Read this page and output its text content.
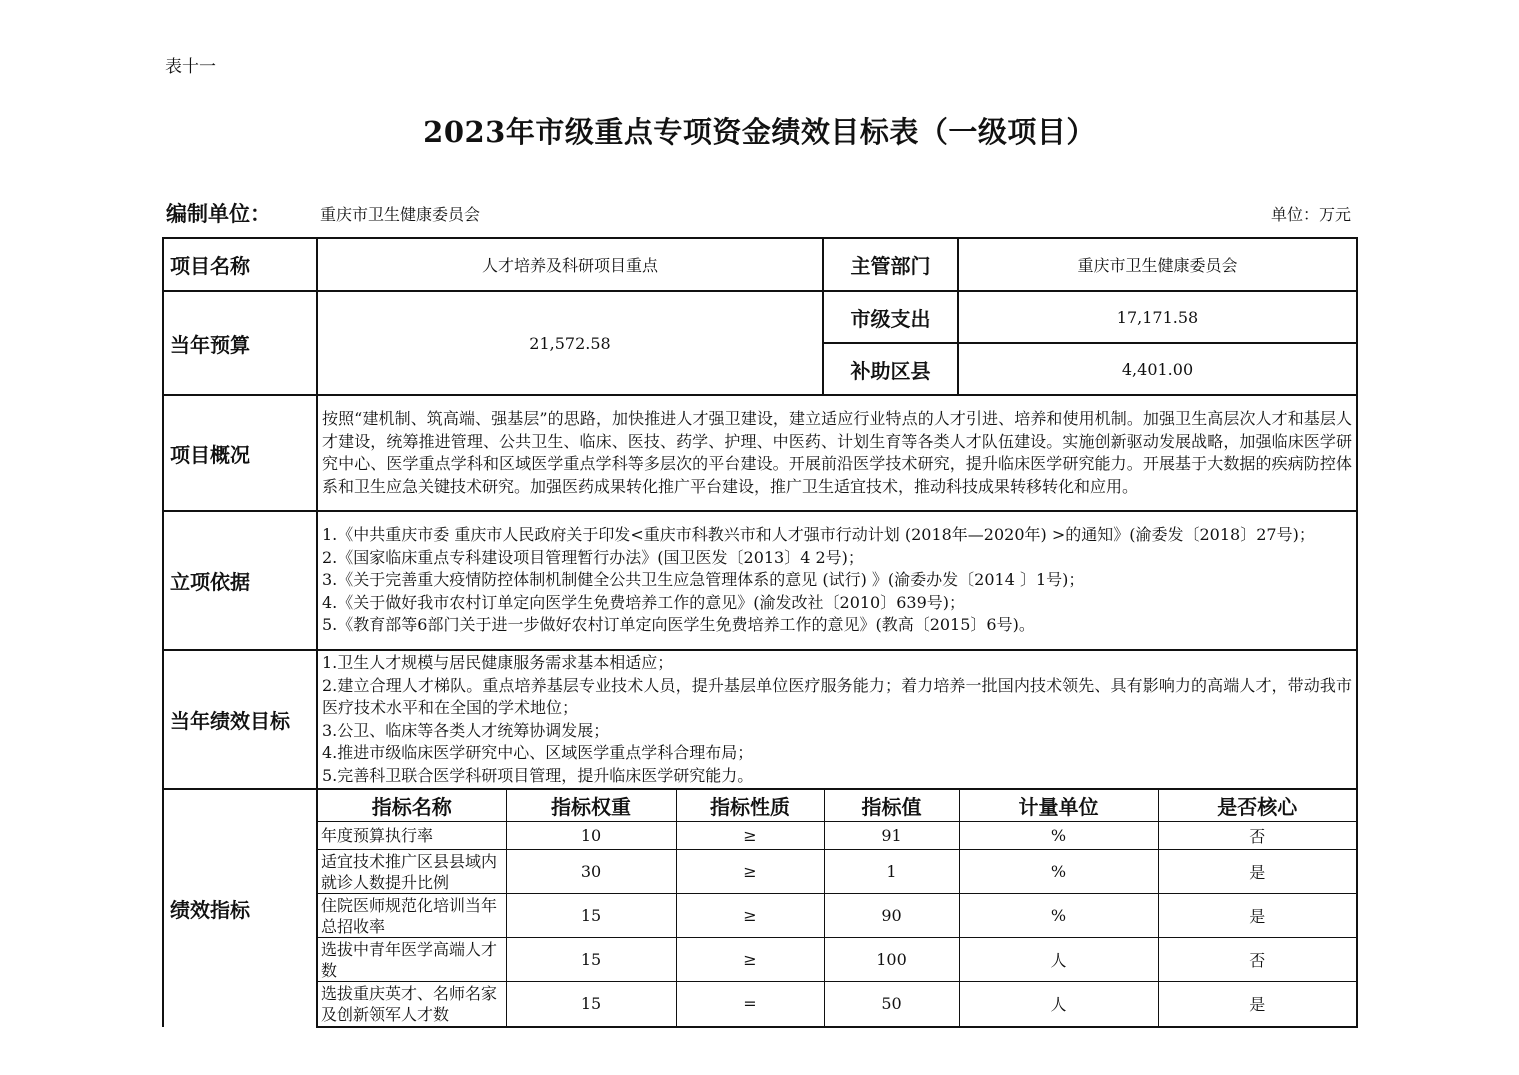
表十一
2023年市级重点专项资金绩效目标表（一级项目）
编制单位：	重庆市卫生健康委员会	单位：万元
项目名称	人才培养及科研项目重点	主管部门	重庆市卫生健康委员会
当年预算	21,572.58	市级支出	17,171.58
补助区县	4,401.00
项目概况	
按照“建机制、筑高端、强基层”的思路，加快推进人才强卫建设，建立适应行业特点的人才引进、培养和使用机制。加强卫生高层次人才和基层人才建设，统筹推进管理、公共卫生、临床、医技、药学、护理、中医药、计划生育等各类人才队伍建设。实施创新驱动发展战略，加强临床医学研究中心、医学重点学科和区域医学重点学科等多层次的平台建设。开展前沿医学技术研究，提升临床医学研究能力。开展基于大数据的疾病防控体系和卫生应急关键技术研究。加强医药成果转化推广平台建设，推广卫生适宜技术，推动科技成果转移转化和应用。

立项依据	
1.《中共重庆市委 重庆市人民政府关于印发<重庆市科教兴市和人才强市行动计划 (2018年—2020年) >的通知》(渝委发〔2018〕27号)；
2.《国家临床重点专科建设项目管理暂行办法》(国卫医发〔2013〕4 2号)；
3.《关于完善重大疫情防控体制机制健全公共卫生应急管理体系的意见 (试行) 》(渝委办发〔2014 〕1号)；
4.《关于做好我市农村订单定向医学生免费培养工作的意见》(渝发改社〔2010〕639号)；
5.《教育部等6部门关于进一步做好农村订单定向医学生免费培养工作的意见》(教高〔2015〕6号)。

当年绩效目标	
1.卫生人才规模与居民健康服务需求基本相适应；
2.建立合理人才梯队。重点培养基层专业技术人员，提升基层单位医疗服务能力；着力培养一批国内技术领先、具有影响力的高端人才，带动我市医疗技术水平和在全国的学术地位；
3.公卫、临床等各类人才统筹协调发展；
4.推进市级临床医学研究中心、区域医学重点学科合理布局；
5.完善科卫联合医学科研项目管理，提升临床医学研究能力。

绩效指标	
指标名称	指标权重	指标性质	指标值	计量单位	是否核心
年度预算执行率	10	≥	91	%	否
适宜技术推广区县县域内就诊人数提升比例	30	≥	1	%	是
住院医师规范化培训当年总招收率	15	≥	90	%	是
选拔中青年医学高端人才数	15	≥	100	人	否
选拔重庆英才、名师名家及创新领军人才数	15	=	50	人	是
